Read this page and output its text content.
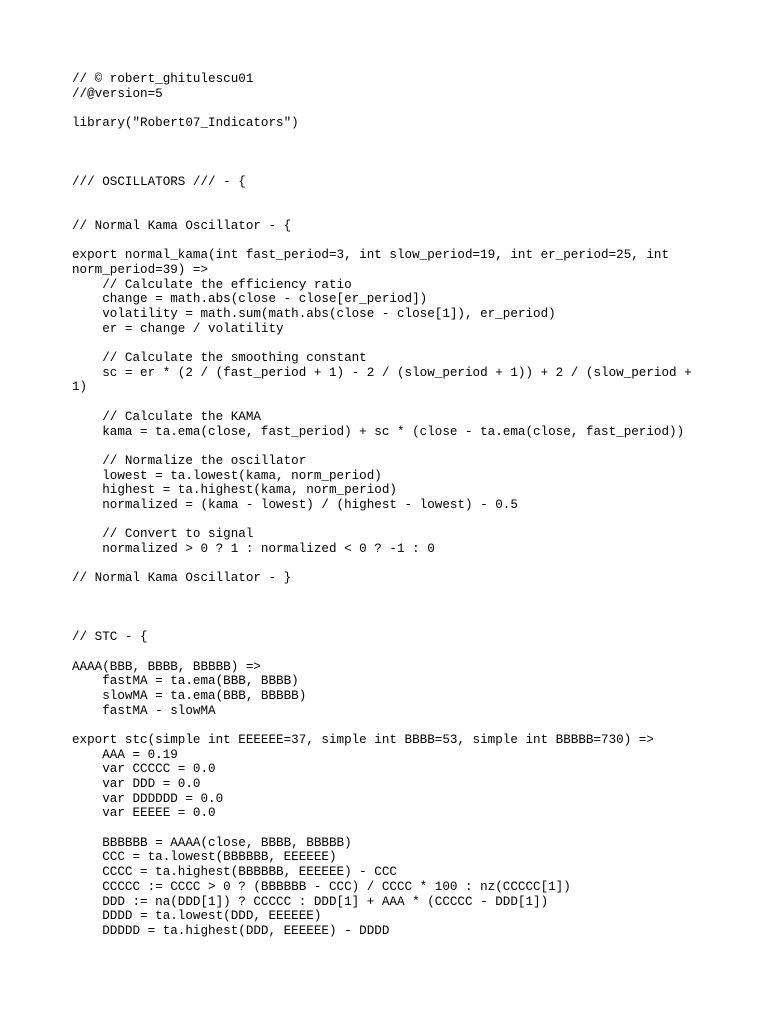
// © robert_ghitulescu01

//@version=5

library("Robert07_Indicators")

/// OSCILLATORS /// - {

// Normal Kama Oscillator - {

export normal_kama(int fast_period=3, int slow_period=19, int er_period=25, int

norm_period=39) =>

// Calculate the efficiency ratio

change = math.abs(close - close[er_period])

volatility = math.sum(math.abs(close - close[1]), er_period)

er = change / volatility

// Calculate the smoothing constant

sc = er * (2 / (fast_period + 1) - 2 / (slow_period + 1)) + 2 / (slow_period +

1)

// Calculate the KAMA

kama = ta.ema(close, fast_period) + sc * (close - ta.ema(close, fast_period))

// Normalize the oscillator

lowest = ta.lowest(kama, norm_period)

highest = ta.highest(kama, norm_period)

normalized = (kama - lowest) / (highest - lowest) - 0.5

// Convert to signal

normalized > 0 ? 1 : normalized < 0 ? -1 : 0

// Normal Kama Oscillator - }

// STC - {

AAAA(BBB, BBBB, BBBBB) =>

fastMA = ta.ema(BBB, BBBB)

slowMA = ta.ema(BBB, BBBBB)

fastMA - slowMA

export stc(simple int EEEEEE=37, simple int BBBB=53, simple int BBBBB=730) =>

AAA = 0.19

var CCCCC = 0.0

var DDD = 0.0

var DDDDDD = 0.0

var EEEEE = 0.0

BBBBBB = AAAA(close, BBBB, BBBBB)

CCC = ta.lowest(BBBBBB, EEEEEE)

CCCC = ta.highest(BBBBBB, EEEEEE) - CCC

CCCCC := CCCC > 0 ? (BBBBBB - CCC) / CCCC * 100 : nz(CCCCC[1])

DDD := na(DDD[1]) ? CCCCC : DDD[1] + AAA * (CCCCC - DDD[1])

DDDD = ta.lowest(DDD, EEEEEE)

DDDDD = ta.highest(DDD, EEEEEE) - DDDD
